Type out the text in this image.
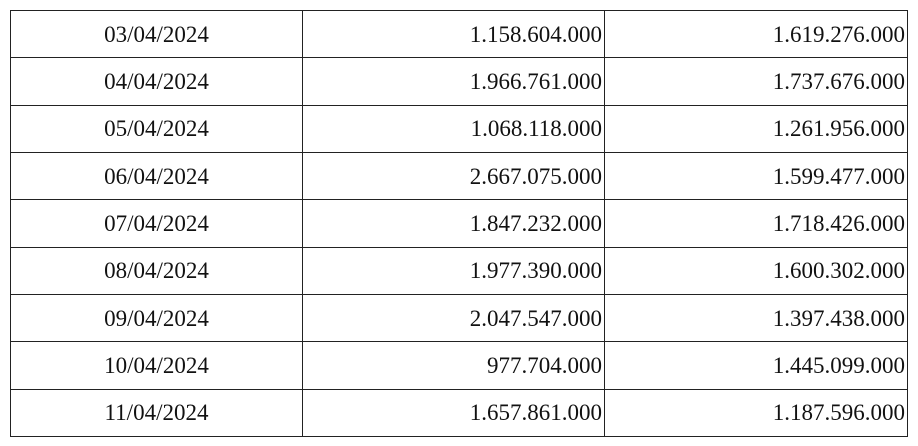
03/04/2024	1.158.604.000	1.619.276.000
04/04/2024	1.966.761.000	1.737.676.000
05/04/2024	1.068.118.000	1.261.956.000
06/04/2024	2.667.075.000	1.599.477.000
07/04/2024	1.847.232.000	1.718.426.000
08/04/2024	1.977.390.000	1.600.302.000
09/04/2024	2.047.547.000	1.397.438.000
10/04/2024	977.704.000	1.445.099.000
11/04/2024	1.657.861.000	1.187.596.000
